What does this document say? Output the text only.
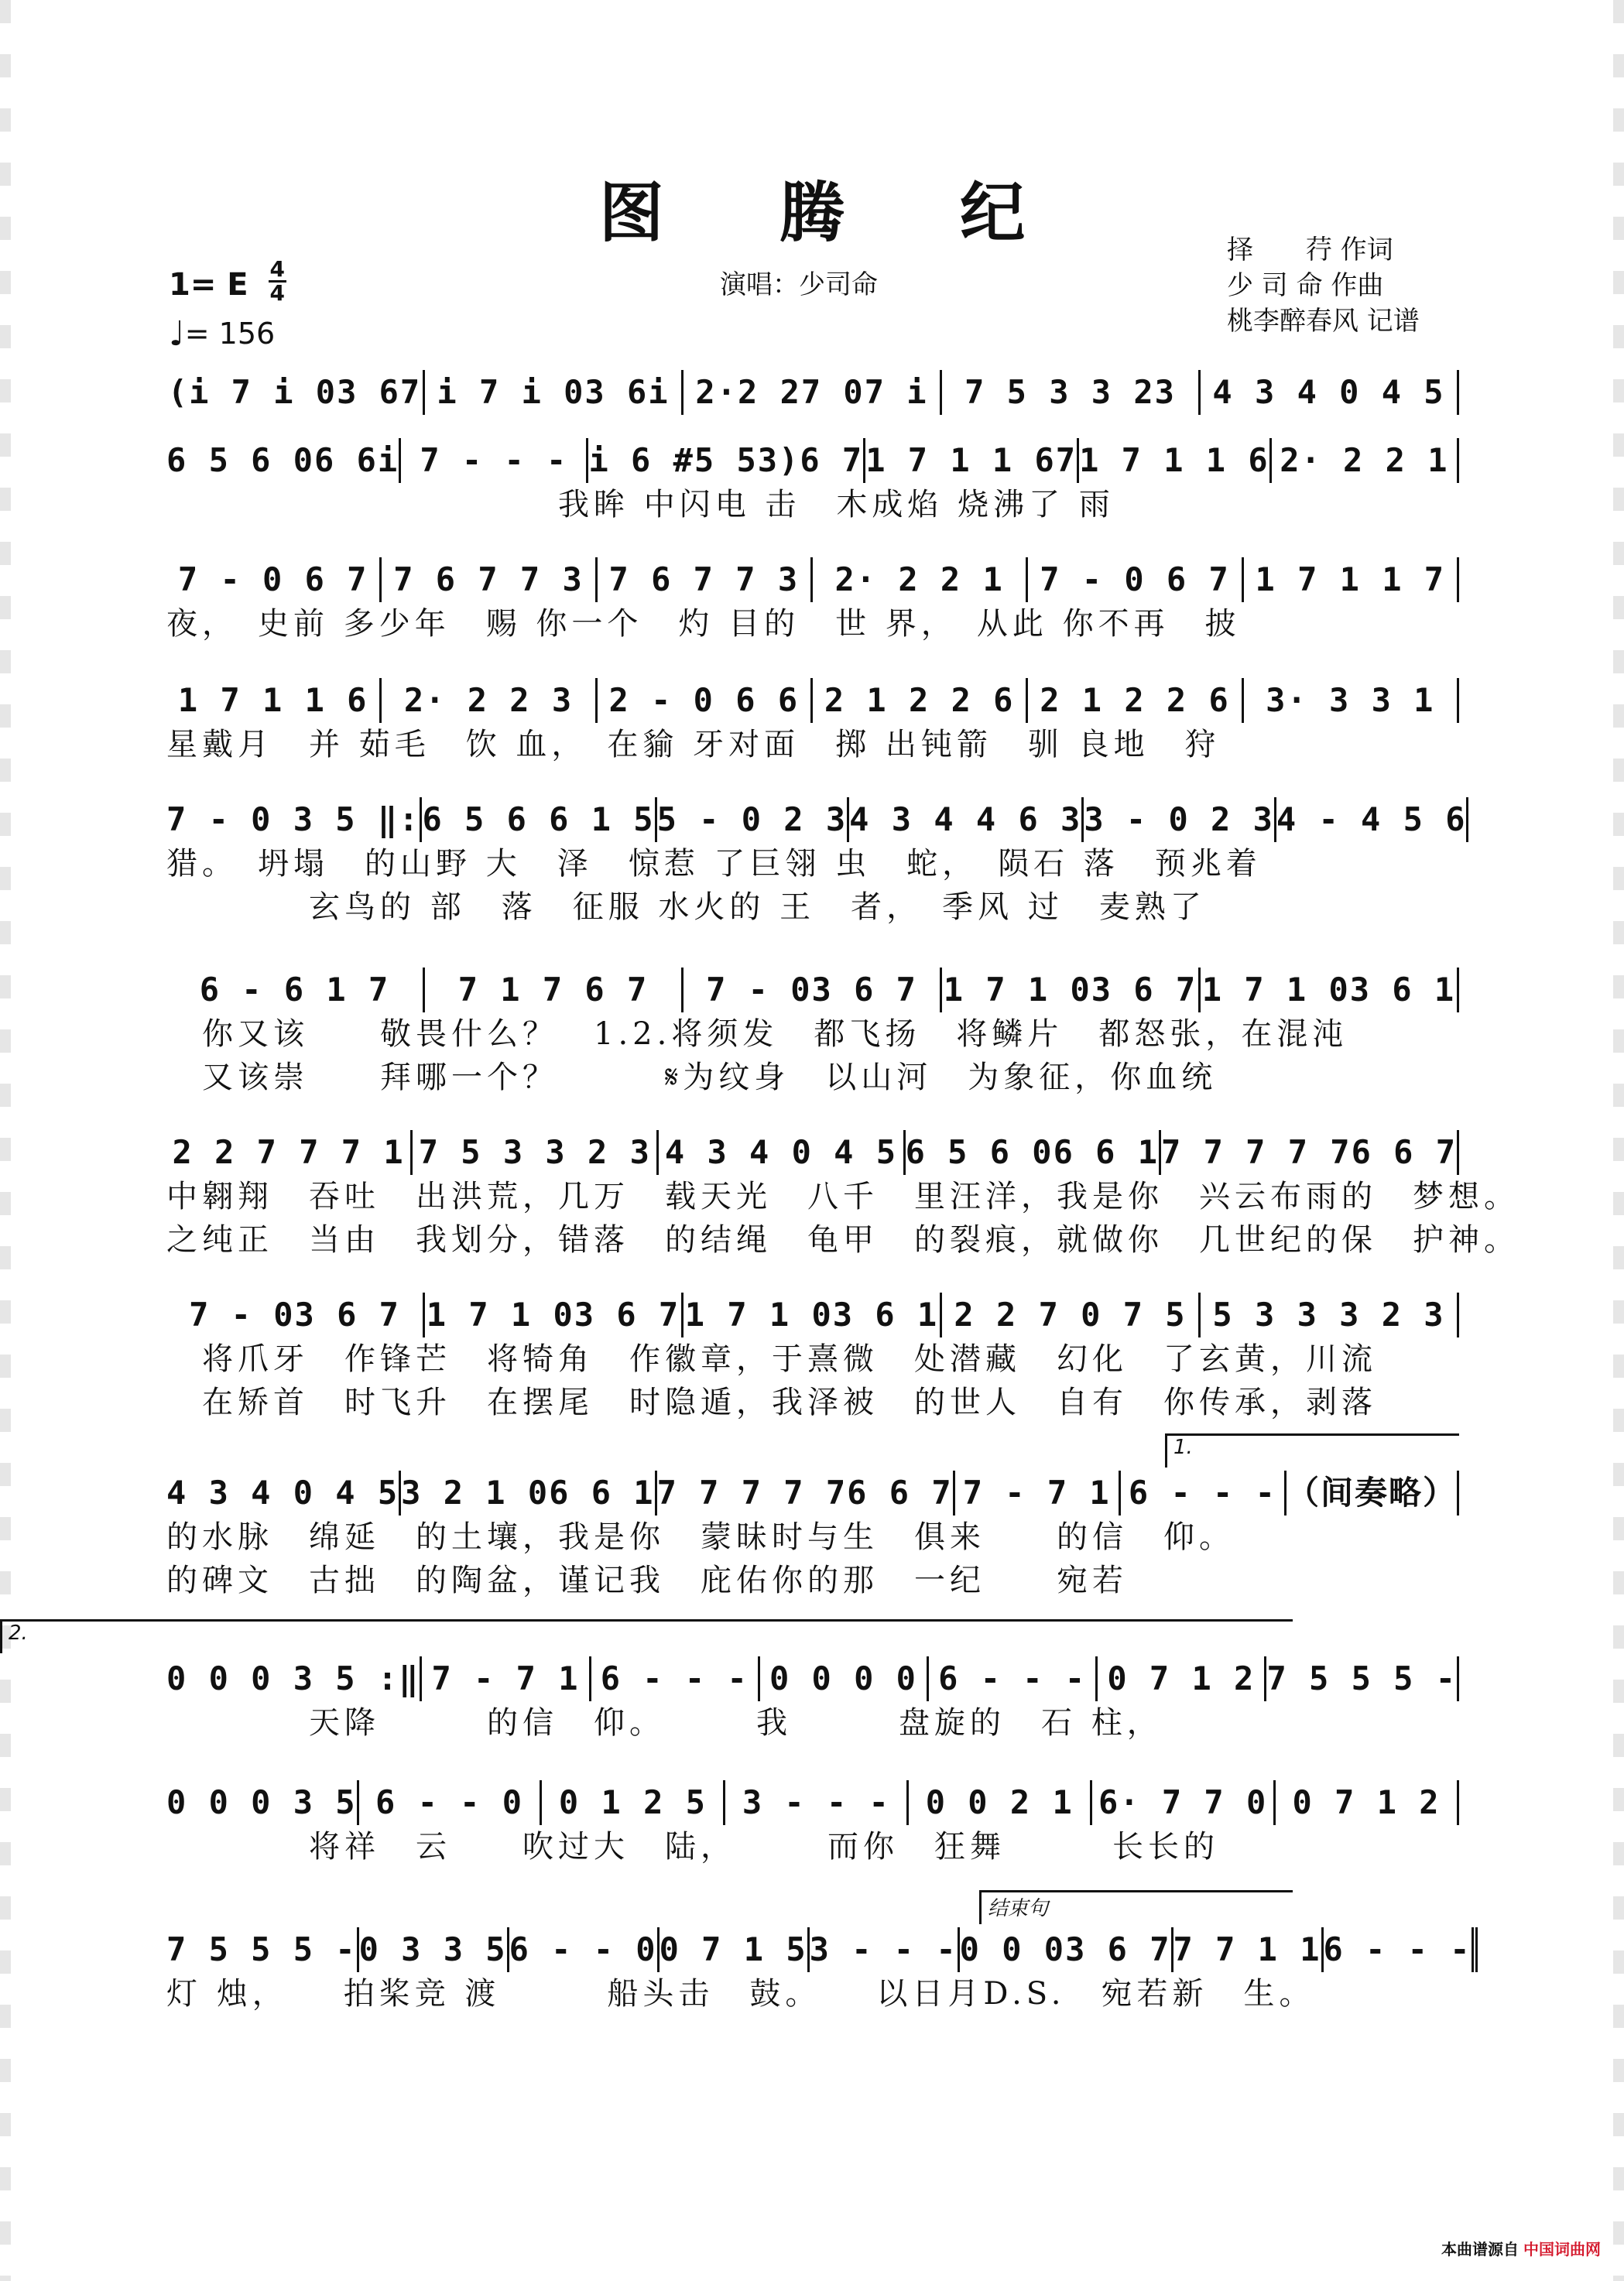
图 腾 纪
演唱：少司命
择　　荇 作词
少 司 命 作曲
桃李醉春风 记谱
1= E $\frac{4}{4}$
♩= 156
(i 7 i 03 67 i 7 i 03 6i 2·2 27 07 i	7 5 3 3 23	4 3 4 0 4 5
6 5 6 06 6i 7 - - - i 6 #5 53)6 7 1 7 1 1 67 1 7 1 1 6 2· 2 2 1
　　　　　　　　　　　我眸 中闪电 击　木成焰 烧沸了 雨
7 - 0 6 7 7 6 7 7 3 7 6 7 7 3	2· 2 2 1	7 - 0 6 7 1 7 1 1 7
夜，　史前 多少年　赐 你一个　灼 目的　世 界，　从此 你不再　披
1 7 1 1 6	2· 2 2 3	2 - 0 6 6 2 1 2 2 6 2 1 2 2 6	3· 3 3 1
星戴月　并 茹毛　饮 血，　在貐 牙对面　掷 出钝箭　驯 良地　狩
7 - 0 3 5 ‖: 6 5 6 6 1 5 5 - 0 2 3 4 3 4 4 6 3 3 - 0 2 3 4 - 4 5 6
猎。　坍塌　的山野 大　泽　惊惹 了巨翎 虫　蛇，　陨石 落　预兆着
　　　　玄鸟的 部　落　征服 水火的 王　者，　季风 过　麦熟了
6 - 6 1 7	7 1 7 6 7	7 - 03 6 7 1 7 1 03 6 7 1 7 1 03 6 1
　你又该　　敬畏什么？　1.2.将须发　都飞扬　将鳞片　都怒张，在混沌
　又该崇　　拜哪一个？　　　𝄋为纹身　以山河　为象征，你血统
2 2 7 7 7 1 7 5 3 3 2 3 4 3 4 0 4 5 6 5 6 06 6 1 7 7 7 7 76 6 7
中翱翔　吞吐　出洪荒，几万　载天光　八千　里汪洋，我是你　兴云布雨的　梦想。
之纯正　当由　我划分，错落　的结绳　龟甲　的裂痕，就做你　几世纪的保　护神。
7 - 03 6 7 1 7 1 03 6 7 1 7 1 03 6 1 2 2 7 0 7 5 5 3 3 3 2 3
　将爪牙　作锋芒　将犄角　作徽章，于熹微　处潜藏　幻化　了玄黄，川流
　在矫首　时飞升　在摆尾　时隐遁，我泽被　的世人　自有　你传承，剥落
1.
4 3 4 0 4 5 3 2 1 06 6 1 7 7 7 7 76 6 7 7 - 7 1 6 - - - （间奏略）
的水脉　绵延　的土壤，我是你　蒙昧时与生　俱来　　的信　仰。
的碑文　古拙　的陶盆，谨记我　庇佑你的那　一纪　　宛若
2.
0 0 0 3 5 :‖ 7 - 7 1 6 - - - 0 0 0 0 6 - - - 0 7 1 2 7 5 5 5 -
　　　　天降　　　的信　仰。　　　我　　　盘旋的　石 柱，
0 0 0 3 5 6 - - 0	0 1 2 5	3 - - -	0 0 2 1 6· 7 7 0 0 7 1 2
　　　　将祥　云　　吹过大　陆，　　　而你　狂舞　　　长长的
结束句
7 5 5 5 - 0 3 3 5 6 - - 0 0 7 1 5 3 - - - 0 0 03 6 7 7 7 1 1 6 - - -
灯 烛，　　拍桨竞 渡　　　船头击　鼓。　　以日月D.S.　宛若新　生。
本曲谱源自 中国词曲网
